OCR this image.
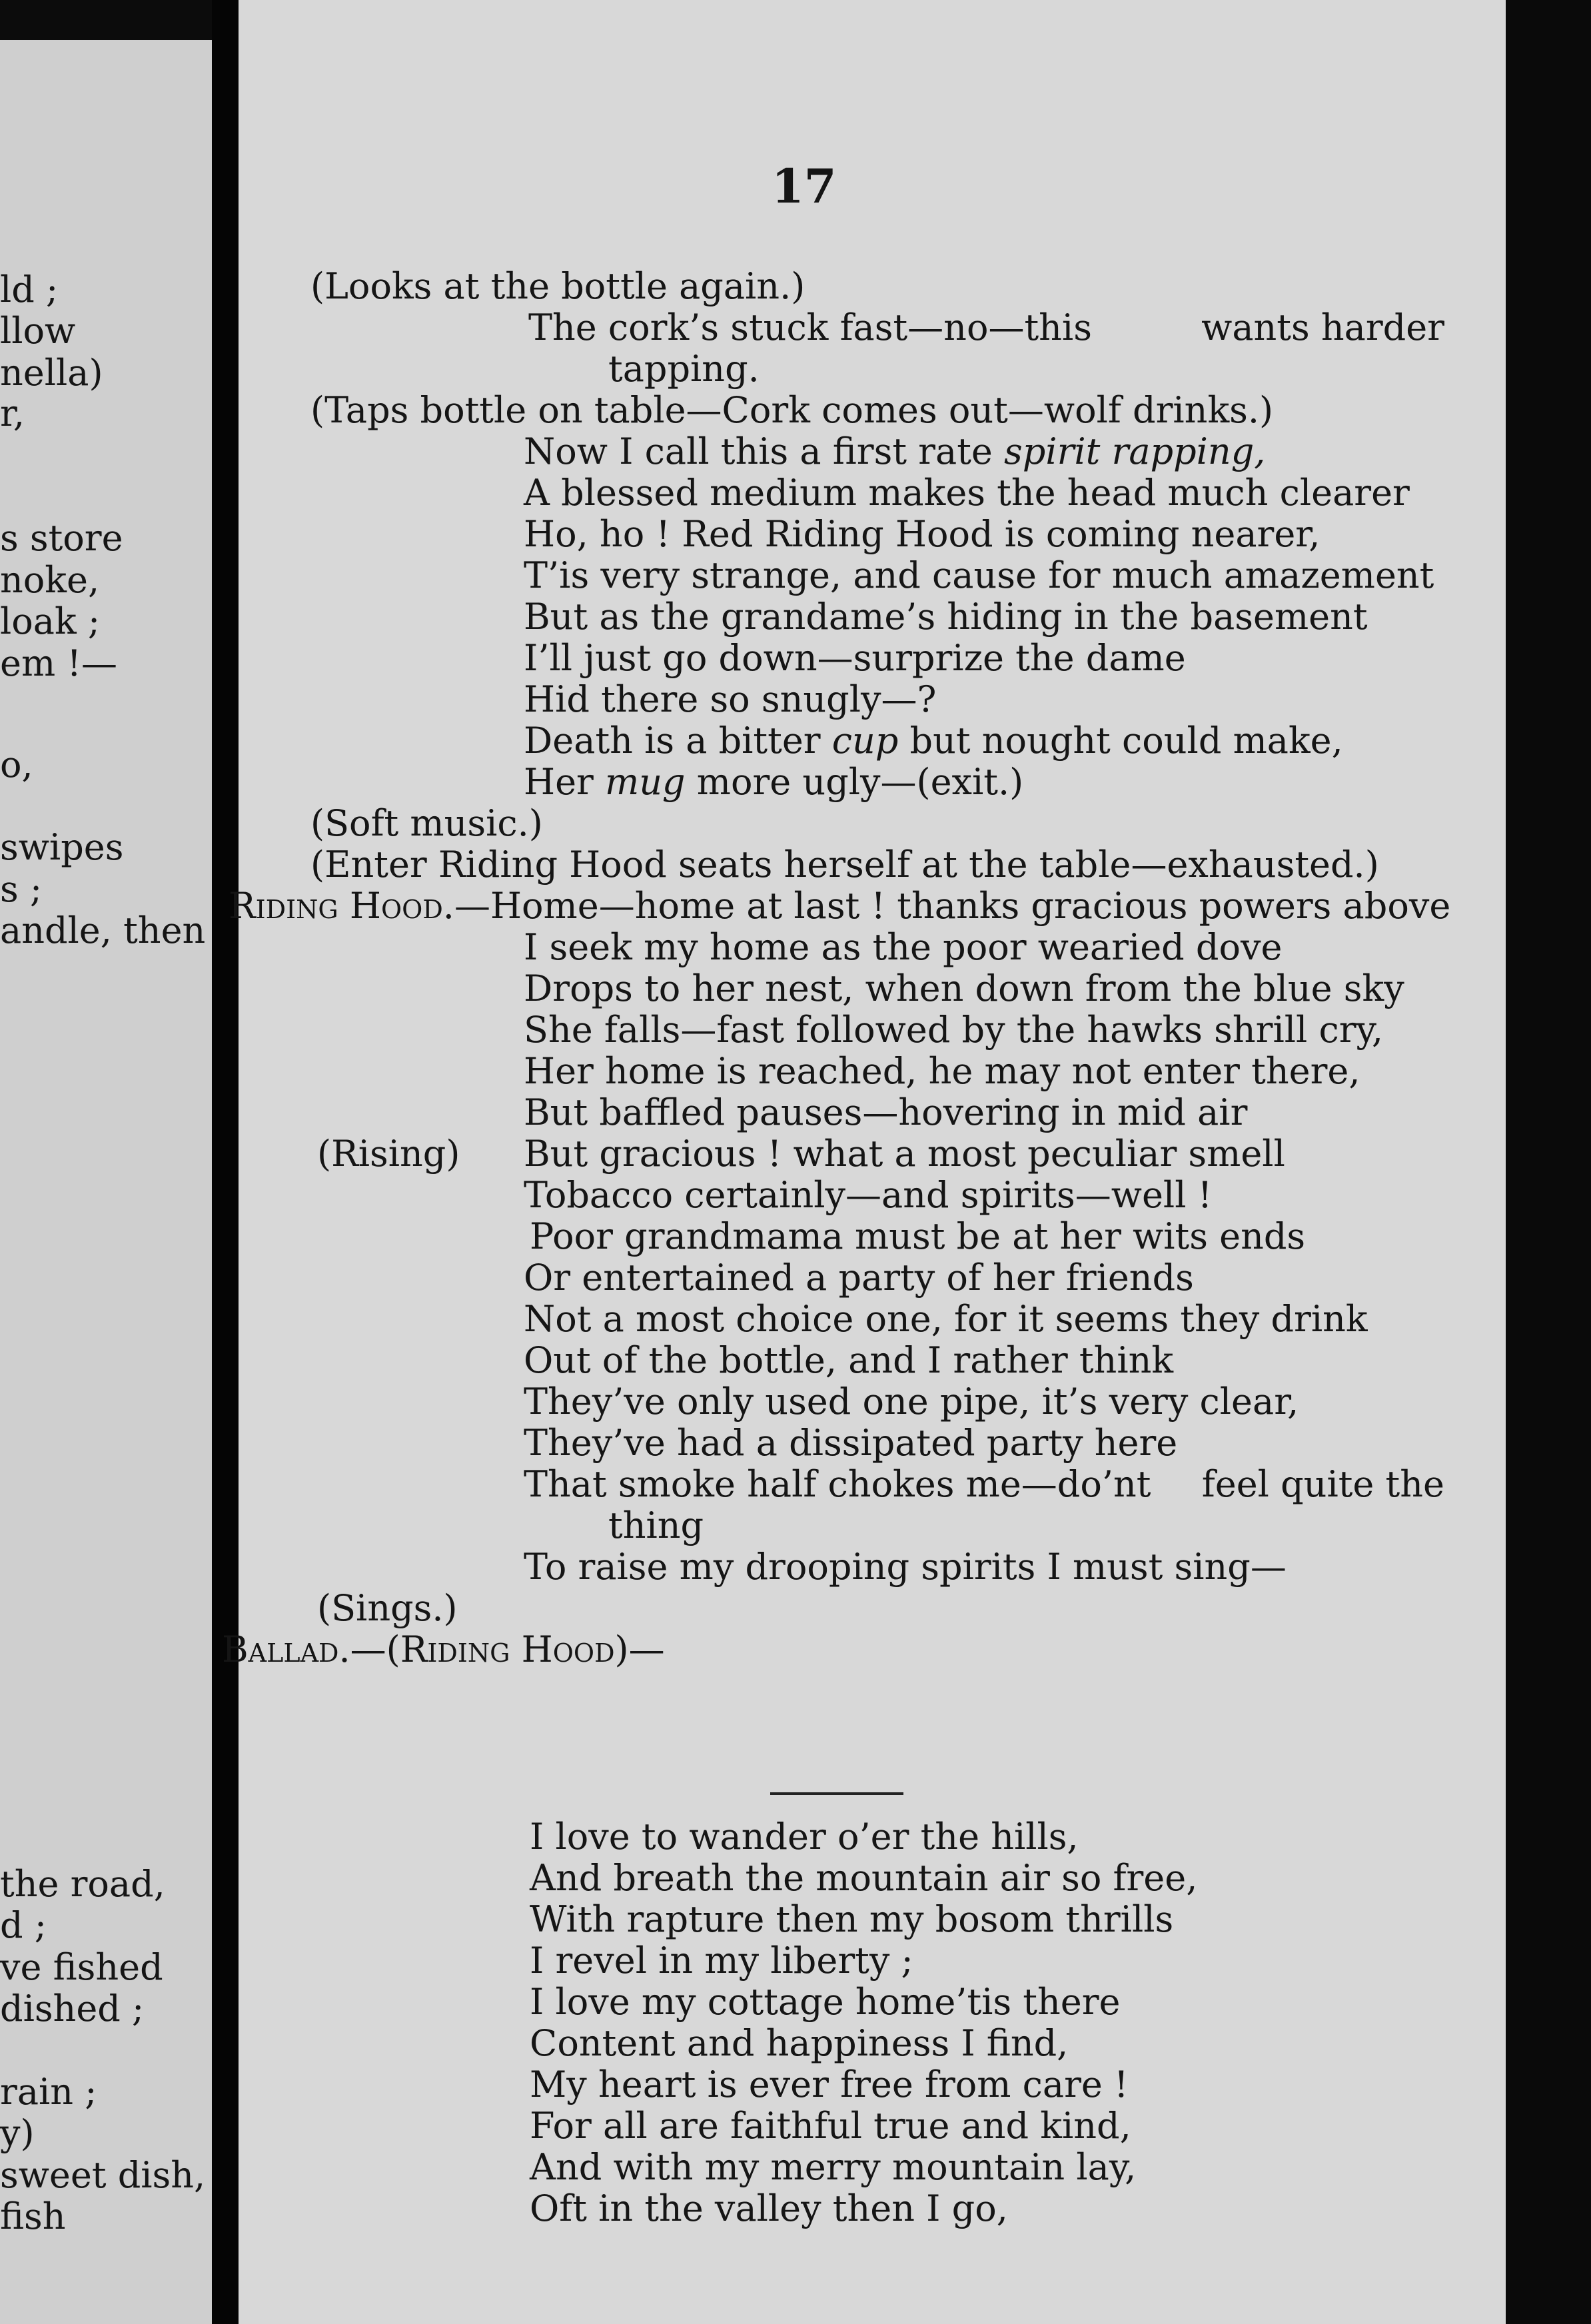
ld ;
llow
nella)
r,
s store
noke,
loak ;
em !—
o,
swipes
s ;
andle, then
the road,
d ;
ve fished
dished ;
rain ;
y)
sweet dish,
fish
17
(Looks at the bottle again.)
The cork’s stuck fast—no—this	wants harder
tapping.
(Taps bottle on table—Cork comes out—wolf drinks.)
Now I call this a first rate spirit rapping,
A blessed medium makes the head much clearer
Ho, ho ! Red Riding Hood is coming nearer,
T’is very strange, and cause for much amazement
But as the grandame’s hiding in the basement
I’ll just go down—surprize the dame
Hid there so snugly—?
Death is a bitter cup but nought could make,
Her mug more ugly—(exit.)
(Soft music.)
(Enter Riding Hood seats herself at the table—exhausted.)
Riding Hood.—Home—home at last ! thanks gracious powers above
I seek my home as the poor wearied dove
Drops to her nest, when down from the blue sky
She falls—fast followed by the hawks shrill cry,
Her home is reached, he may not enter there,
But baffled pauses—hovering in mid air
(Rising) But gracious ! what a most peculiar smell
Tobacco certainly—and spirits—well !
Poor grandmama must be at her wits ends
Or entertained a party of her friends
Not a most choice one, for it seems they drink
Out of the bottle, and I rather think
They’ve only used one pipe, it’s very clear,
They’ve had a dissipated party here
That smoke half chokes me—do’nt feel quite the
thing
To raise my drooping spirits I must sing—
(Sings.)
Ballad.—(Riding Hood)—
I love to wander o’er the hills,
And breath the mountain air so free,
With rapture then my bosom thrills
I revel in my liberty ;
I love my cottage home’tis there
Content and happiness I find,
My heart is ever free from care !
For all are faithful true and kind,
And with my merry mountain lay,
Oft in the valley then I go,
